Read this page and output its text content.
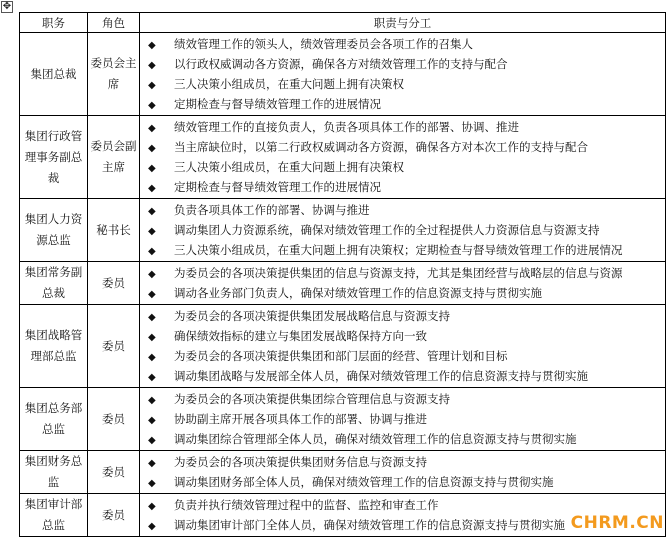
✥
职务	角色	职责与分工
集团总裁	委员会主席	◆ 绩效管理工作的领头人，绩效管理委员会各项工作的召集人
◆ 以行政权威调动各方资源，确保各方对绩效管理工作的支持与配合
◆ 三人决策小组成员，在重大问题上拥有决策权
◆ 定期检查与督导绩效管理工作的进展情况

集团行政管理事务副总裁	委员会副主席	◆ 绩效管理工作的直接负责人，负责各项具体工作的部署、协调、推进
◆ 当主席缺位时，以第二行政权威调动各方资源，确保各方对本次工作的支持与配合
◆ 三人决策小组成员，在重大问题上拥有决策权
◆ 定期检查与督导绩效管理工作的进展情况

集团人力资源总监	秘书长	◆ 负责各项具体工作的部署、协调与推进
◆ 调动集团人力资源系统，确保对绩效管理工作的全过程提供人力资源信息与资源支持
◆ 三人决策小组成员，在重大问题上拥有决策权；定期检查与督导绩效管理工作的进展情况

集团常务副总裁	委员	◆ 为委员会的各项决策提供集团的信息与资源支持，尤其是集团经营与战略层的信息与资源
◆ 调动各业务部门负责人，确保对绩效管理工作的信息资源支持与贯彻实施

集团战略管理部总监	委员	◆ 为委员会的各项决策提供集团发展战略信息与资源支持
◆ 确保绩效指标的建立与集团发展战略保持方向一致
◆ 为委员会的各项决策提供集团和部门层面的经营、管理计划和目标
◆ 调动集团战略与发展部全体人员，确保对绩效管理工作的信息资源支持与贯彻实施

集团总务部总监	委员	◆ 为委员会的各项决策提供集团综合管理信息与资源支持
◆ 协助副主席开展各项具体工作的部署、协调与推进
◆ 调动集团综合管理部全体人员，确保对绩效管理工作的信息资源支持与贯彻实施

集团财务总监	委员	◆ 为委员会的各项决策提供集团财务信息与资源支持
◆ 调动集团财务部全体人员，确保对绩效管理工作的信息资源支持与贯彻实施

集团审计部总监	委员	◆ 负责并执行绩效管理过程中的监督、监控和审查工作
◆ 调动集团审计部门全体人员，确保对绩效管理工作的信息资源支持与贯彻实施 CHRM.CN
